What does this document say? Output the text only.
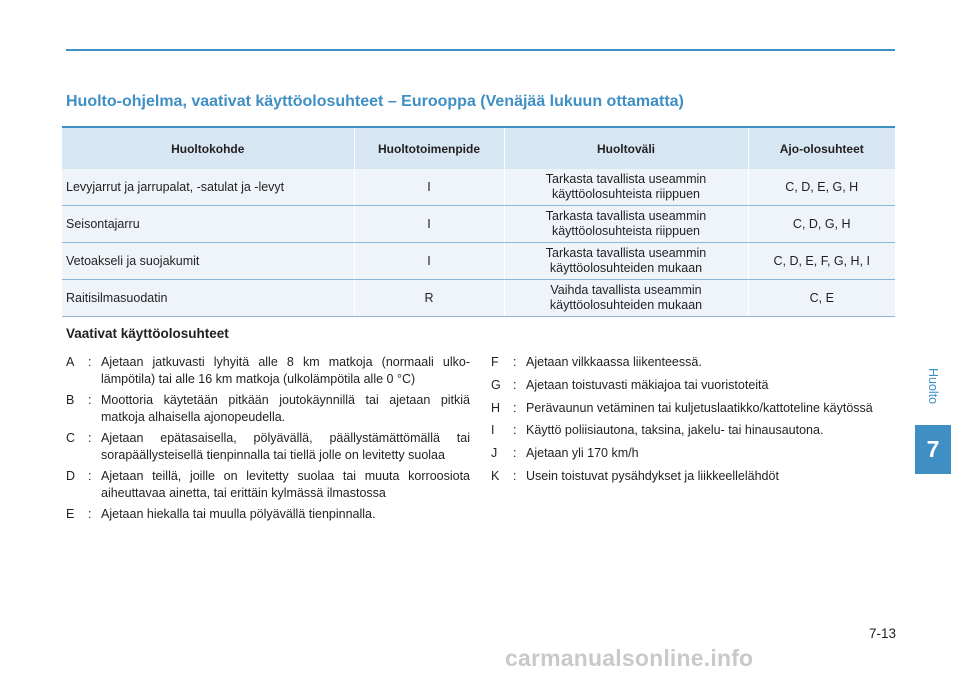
Huolto-ohjelma, vaativat käyttöolosuhteet – Eurooppa (Venäjää lukuun ottamatta)
Huoltokohde	Huoltotoimenpide	Huoltoväli	Ajo-olosuhteet
Levyjarrut ja jarrupalat, -satulat ja -levyt	I	Tarkasta tavallista useammin
käyttöolosuhteista riippuen	C, D, E, G, H
Seisontajarru	I	Tarkasta tavallista useammin
käyttöolosuhteista riippuen	C, D, G, H
Vetoakseli ja suojakumit	I	Tarkasta tavallista useammin
käyttöolosuhteiden mukaan	C, D, E, F, G, H, I
Raitisilmasuodatin	R	Vaihda tavallista useammin
käyttöolosuhteiden mukaan	C, E
Vaativat käyttöolosuhteet
A	: Ajetaan jatkuvasti lyhyitä alle 8 km matkoja (normaali ulkolämpötila) tai alle 16 km matkoja (ulkolämpötila alle 0 °C)
B	: Moottoria käytetään pitkään joutokäynnillä tai ajetaan pitkiä matkoja alhaisella ajonopeudella.
C	: Ajetaan epätasaisella, pölyävällä, päällystämättömällä tai sorapäällysteisellä tienpinnalla tai tiellä jolle on levitetty suolaa
D	: Ajetaan teillä, joille on levitetty suolaa tai muuta korroosiota aiheuttavaa ainetta, tai erittäin kylmässä ilmastossa
E	: Ajetaan hiekalla tai muulla pölyävällä tienpinnalla.
F	: Ajetaan vilkkaassa liikenteessä.
G : Ajetaan toistuvasti mäkiajoa tai vuoristoteitä
H	: Perävaunun vetäminen tai kuljetuslaatikko/kattoteline käytössä
I	: Käyttö poliisiautona, taksina, jakelu- tai hinausautona.
J	: Ajetaan yli 170 km/h
K	: Usein toistuvat pysähdykset ja liikkeellelähdöt
Huolto
7
7-13
carmanualsonline.info
